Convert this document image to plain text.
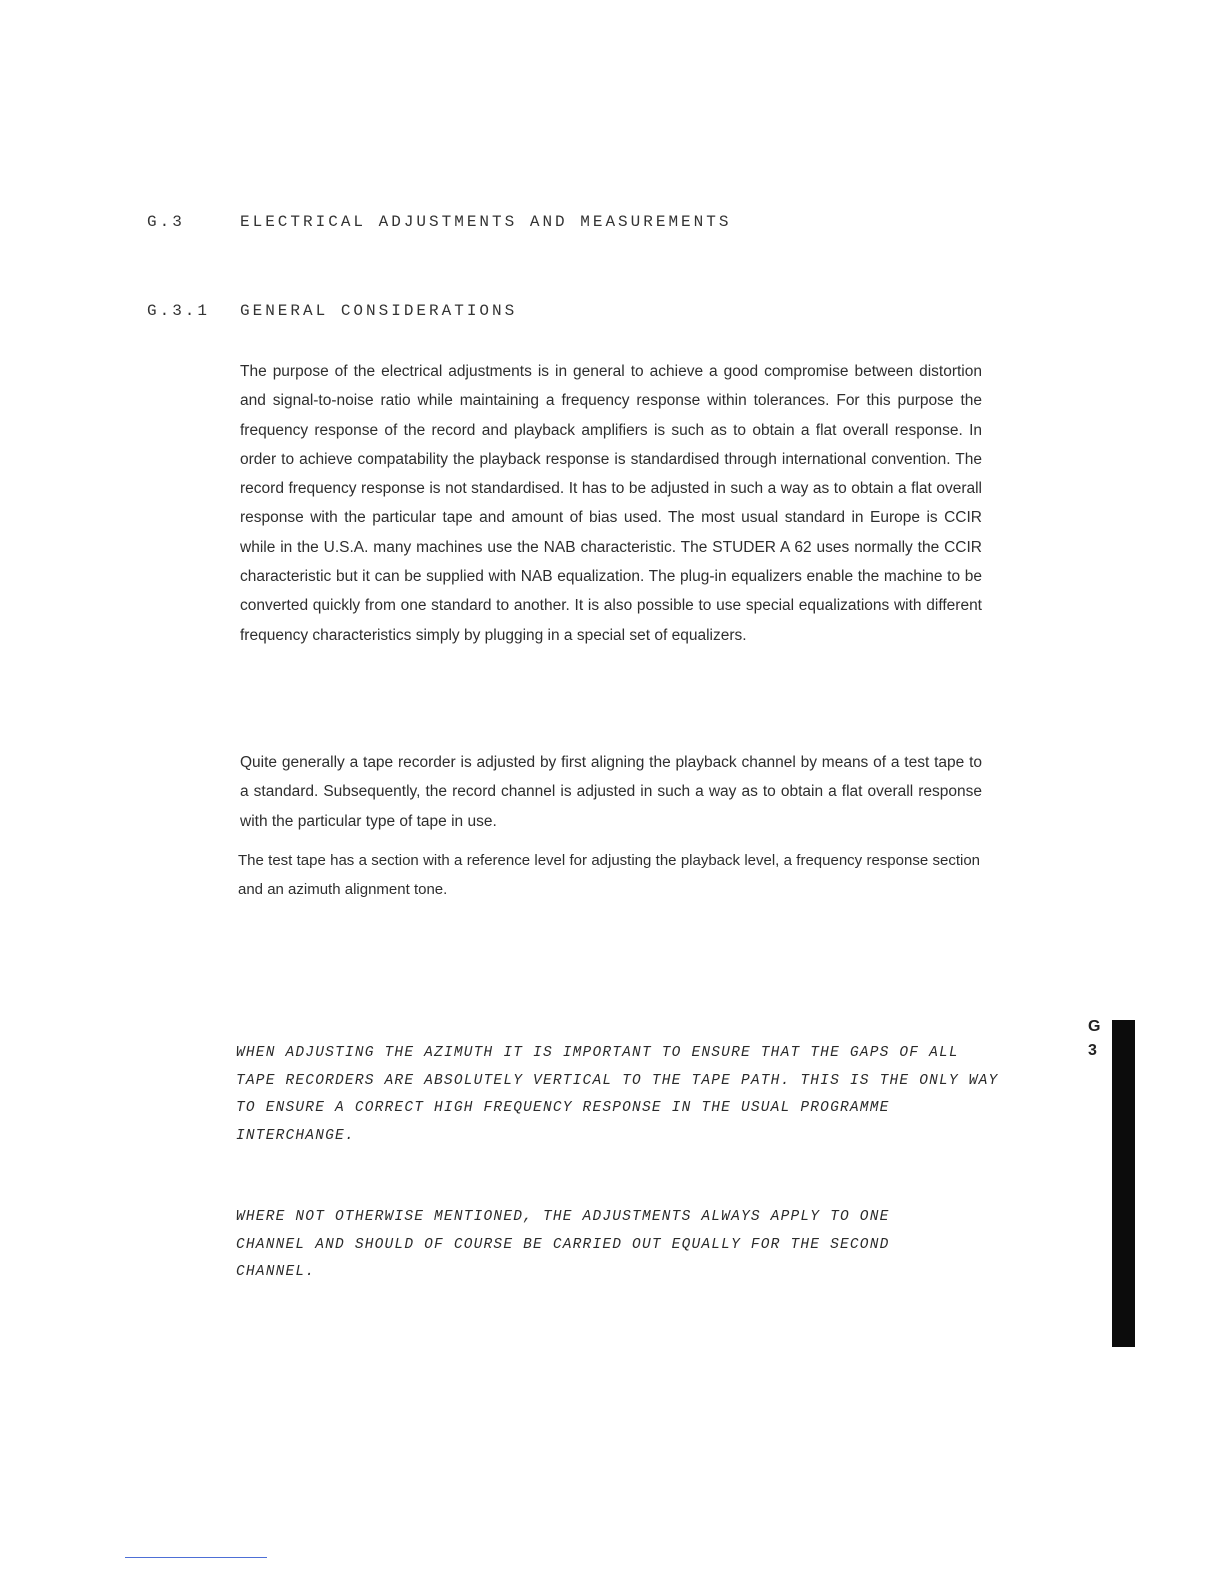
G.3	ELECTRICAL ADJUSTMENTS AND MEASUREMENTS
G.3.1 GENERAL CONSIDERATIONS

The purpose of the electrical adjustments is in general to achieve a good compromise between distortion and signal-to-noise ratio while maintaining a frequency response within tolerances. For this purpose the frequency response of the record and playback amplifiers is such as to obtain a flat overall response. In order to achieve compatability the playback response is standardised through international convention. The record frequency response is not standardised. It has to be adjusted in such a way as to obtain a flat overall response with the particular tape and amount of bias used. The most usual standard in Europe is CCIR while in the U.S.A. many machines use the NAB characteristic. The STUDER A 62 uses normally the CCIR characteristic but it can be supplied with NAB equalization. The plug-in equalizers enable the machine to be converted quickly from one standard to another. It is also possible to use special equalizations with different frequency characteristics simply by plugging in a special set of equalizers.

Quite generally a tape recorder is adjusted by first aligning the playback channel by means of a test tape to a standard. Subsequently, the record channel is adjusted in such a way as to obtain a flat overall response with the particular type of tape in use.

The test tape has a section with a reference level for adjusting the playback level, a frequency response section and an azimuth alignment tone.

WHEN ADJUSTING THE AZIMUTH IT IS IMPORTANT TO ENSURE THAT THE GAPS OF ALL TAPE RECORDERS ARE ABSOLUTELY VERTICAL TO THE TAPE PATH. THIS IS THE ONLY WAY TO ENSURE A CORRECT HIGH FREQUENCY RESPONSE IN THE USUAL PROGRAMME INTERCHANGE.

WHERE NOT OTHERWISE MENTIONED, THE ADJUSTMENTS ALWAYS APPLY TO ONE CHANNEL AND SHOULD OF COURSE BE CARRIED OUT EQUALLY FOR THE SECOND CHANNEL.

G
3
